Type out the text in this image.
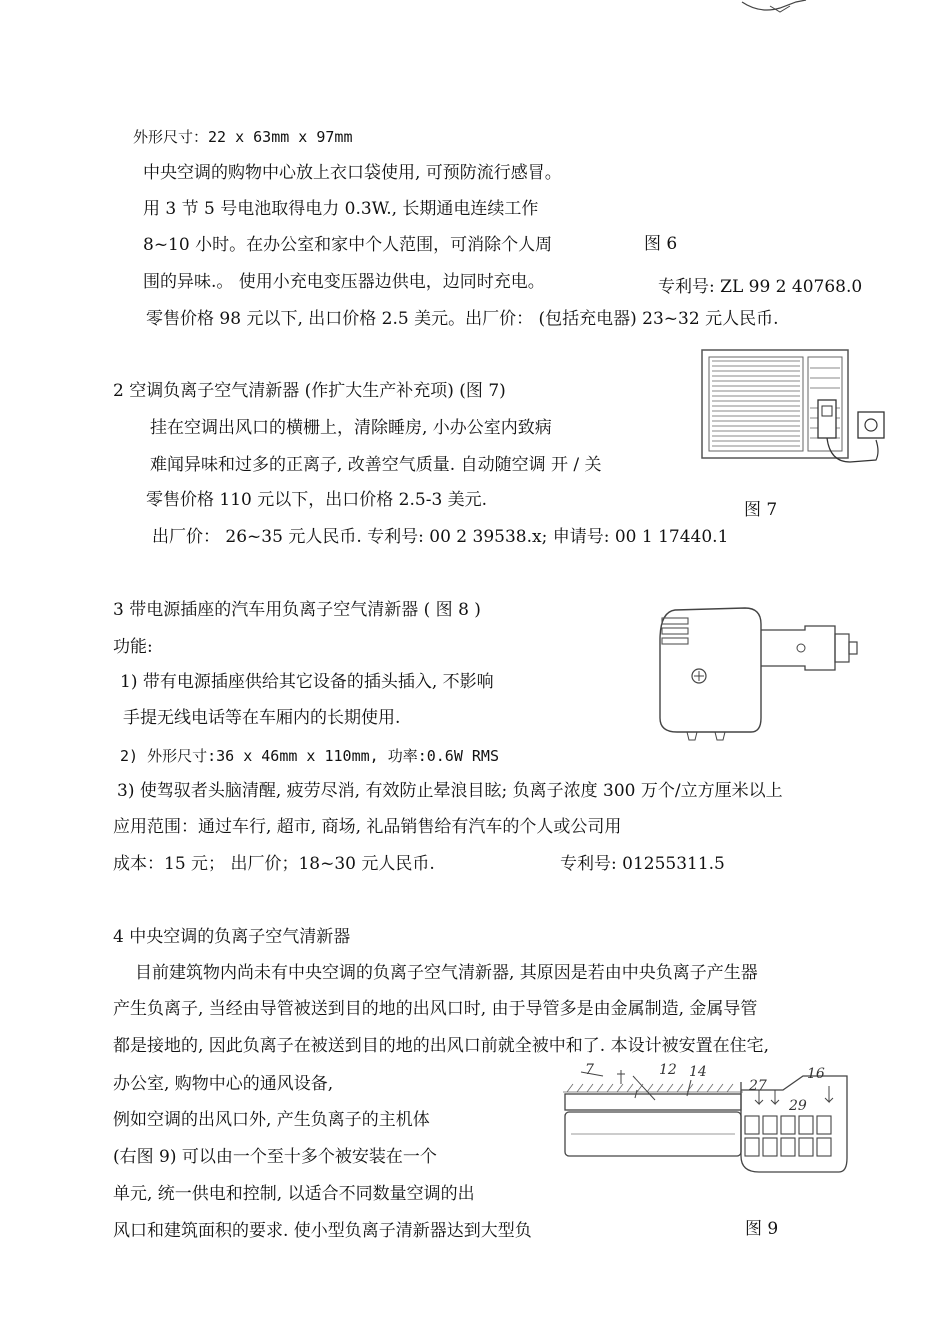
外形尺寸：22 x 63mm x 97mm
中央空调的购物中心放上衣口袋使用, 可预防流行感冒。
用 3 节 5 号电池取得电力 0.3W., 长期通电连续工作
8~10 小时。在办公室和家中个人范围，可消除个人周	图 6
围的异味.。 使用小充电变压器边供电，边同时充电。	专利号: ZL 99 2 40768.0
零售价格 98 元以下, 出口价格 2.5 美元。出厂价： (包括充电器) 23~32 元人民币.
2 空调负离子空气清新器 (作扩大生产补充项) (图 7)
挂在空调出风口的横栅上，清除睡房, 小办公室内致病
难闻异味和过多的正离子, 改善空气质量. 自动随空调 开 / 关
零售价格 110 元以下，出口价格 2.5-3 美元.	图 7
出厂价： 26~35 元人民币. 专利号: 00 2 39538.x; 申请号: 00 1 17440.1
3 带电源插座的汽车用负离子空气清新器 ( 图 8 )
功能:
1) 带有电源插座供给其它设备的插头插入, 不影响
手提无线电话等在车厢内的长期使用.
2) 外形尺寸:36 x 46mm x 110mm, 功率:0.6W RMS
3) 使驾驭者头脑清醒, 疲劳尽消, 有效防止晕浪目眩; 负离子浓度 300 万个/立方厘米以上
应用范围：通过车行, 超市, 商场, 礼品销售给有汽车的个人或公司用
成本：15 元； 出厂价；18~30 元人民币.	专利号: 01255311.5
4 中央空调的负离子空气清新器
目前建筑物内尚未有中央空调的负离子空气清新器, 其原因是若由中央负离子产生器
产生负离子, 当经由导管被送到目的地的出风口时, 由于导管多是由金属制造, 金属导管
都是接地的, 因此负离子在被送到目的地的出风口前就全被中和了. 本设计被安置在住宅,
办公室, 购物中心的通风设备,
例如空调的出风口外, 产生负离子的主机体
(右图 9) 可以由一个至十多个被安装在一个
单元, 统一供电和控制, 以适合不同数量空调的出
风口和建筑面积的要求. 使小型负离子清新器达到大型负	图 9
7	12 14
27
16
29
